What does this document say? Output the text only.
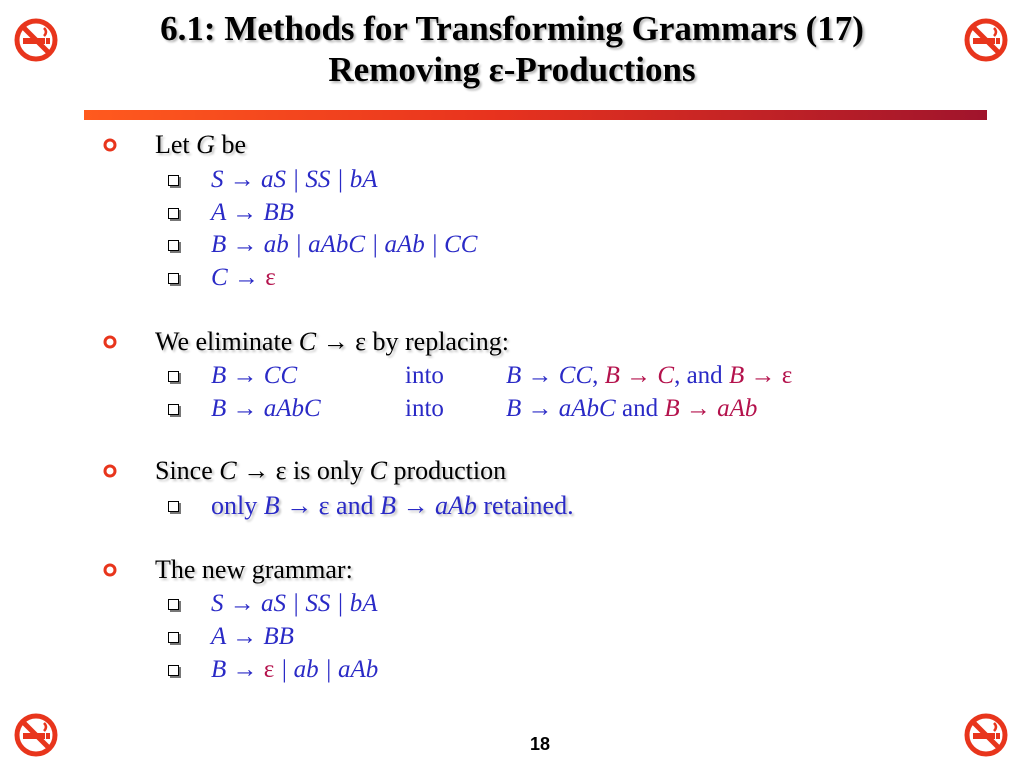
6.1: Methods for Transforming Grammars (17)
Removing ε-Productions
Let G be
S → aS | SS | bA
A → BB
B → ab | aAbC | aAb | CC
C → ε
We eliminate C → ε by replacing:
B → CC	into B → CC, B → C, and B → ε
B → aAbC	into B → aAbC and B → aAb
Since C → ε is only C production
only B → ε and B → aAb retained.
The new grammar:
S → aS | SS | bA
A → BB
B → ε | ab | aAb
18
